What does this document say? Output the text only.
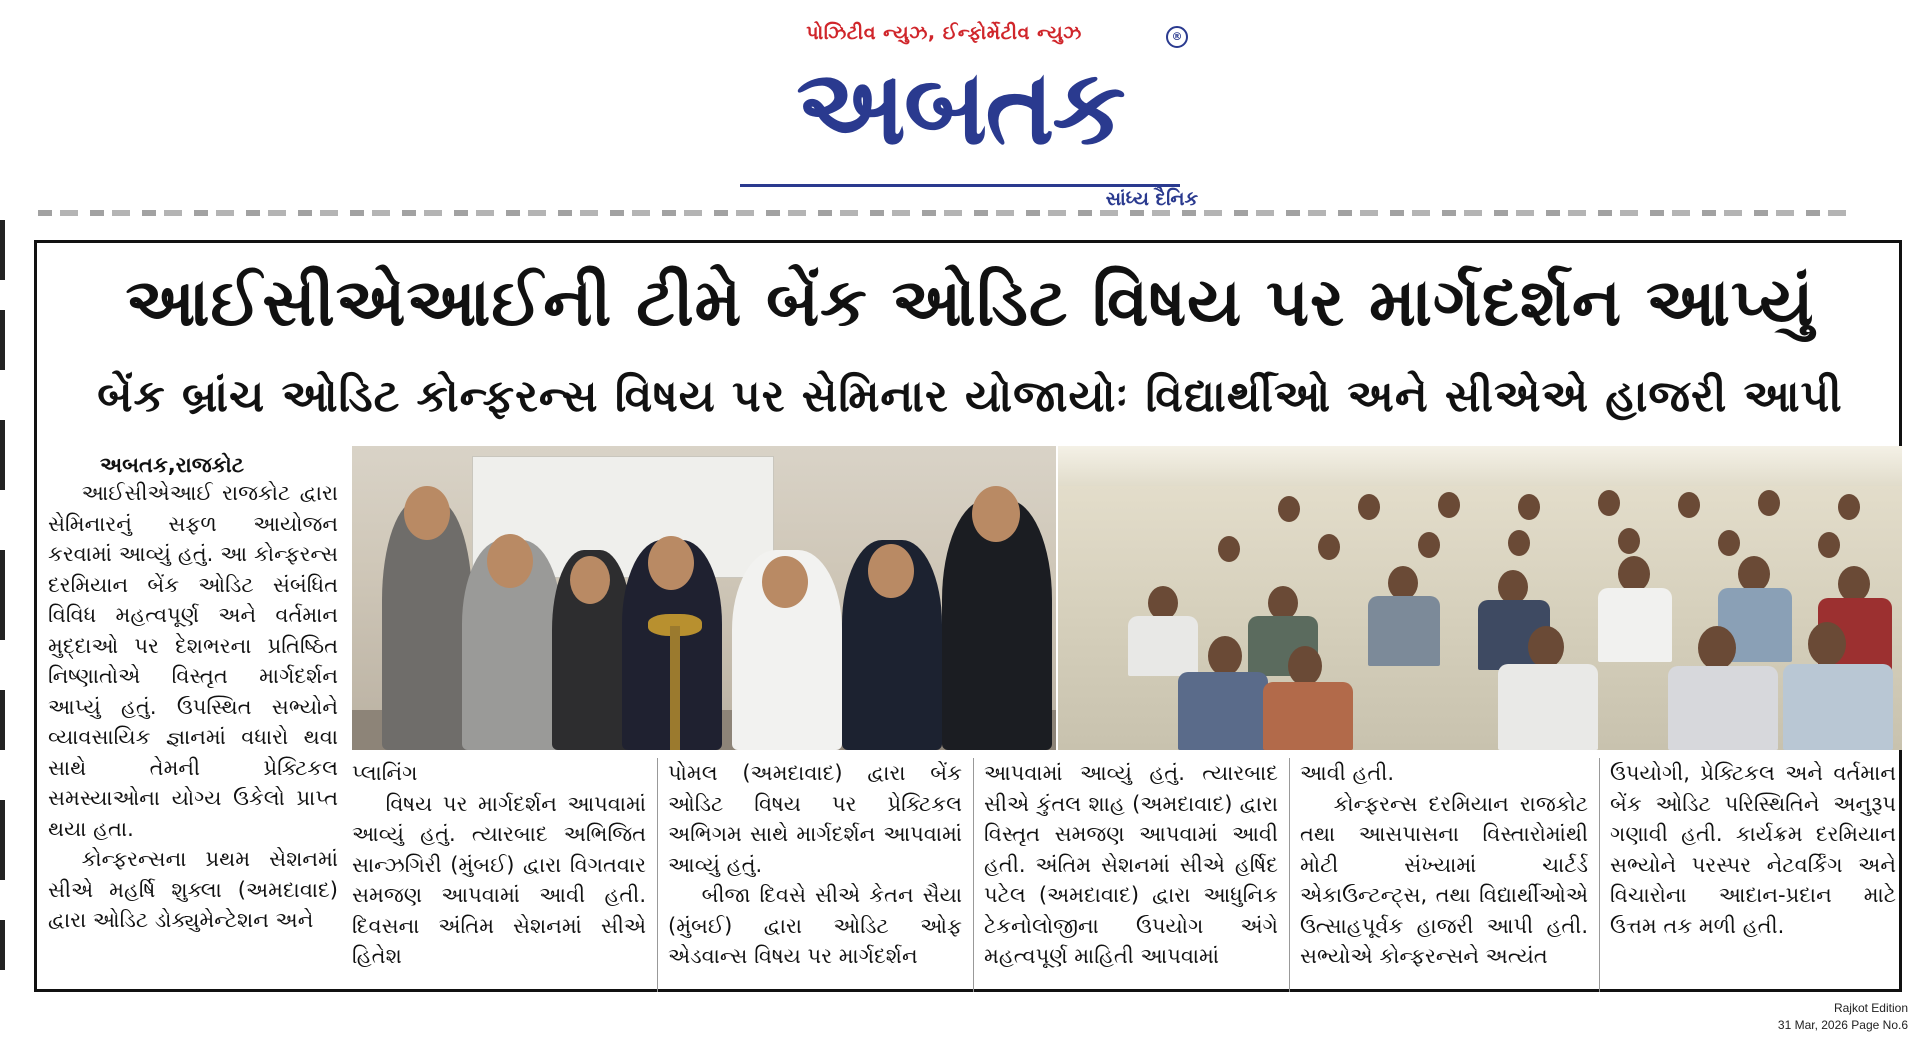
પોઝિટીવ ન્યુઝ, ઈન્ફોર્મેટીવ ન્યુઝ	®
અબતક
સાંધ્ય દૈનિક
આઈસીએઆઈની ટીમે બેંક ઓડિટ વિષય પર માર્ગદર્શન આપ્યું
બેંક બ્રાંચ ઓડિટ કોન્ફરન્સ વિષય પર સેમિનાર યોજાયોઃ વિદ્યાર્થીઓ અને સીએએ હાજરી આપી
અબતક,રાજકોટ

આઈસીએઆઈ રાજકોટ દ્વારા સેમિનારનું સફળ આયોજન કરવામાં આવ્યું હતું. આ કોન્ફરન્સ દરમિયાન બેંક ઓડિટ સંબંધિત વિવિધ મહત્વપૂર્ણ અને વર્તમાન મુદ્દાઓ પર દેશભરના પ્રતિષ્ઠિત નિષ્ણાતોએ વિસ્તૃત માર્ગદર્શન આપ્યું હતું. ઉપસ્થિત સભ્યોને વ્યાવસાયિક જ્ઞાનમાં વધારો થવા સાથે તેમની પ્રેક્ટિકલ સમસ્યાઓના યોગ્ય ઉકેલો પ્રાપ્ત થયા હતા.

કોન્ફરન્સના પ્રથમ સેશનમાં સીએ મહર્ષિ શુક્લા (અમદાવાદ) દ્વારા ઓડિટ ડોક્યુમેન્ટેશન અને

પ્લાનિંગ

વિષય પર માર્ગદર્શન આપવામાં આવ્યું હતું. ત્યારબાદ અભિજિત સાન્ઝગિરી (મુંબઈ) દ્વારા વિગતવાર સમજણ આપવામાં આવી હતી. દિવસના અંતિમ સેશનમાં સીએ હિતેશ

પોમલ (અમદાવાદ) દ્વારા બેંક ઓડિટ વિષય પર પ્રેક્ટિકલ અભિગમ સાથે માર્ગદર્શન આપવામાં આવ્યું હતું.

બીજા દિવસે સીએ કેતન સૈયા (મુંબઈ) દ્વારા ઓડિટ ઓફ એડવાન્સ વિષય પર માર્ગદર્શન

આપવામાં આવ્યું હતું. ત્યારબાદ સીએ કુંતલ શાહ (અમદાવાદ) દ્વારા વિસ્તૃત સમજણ આપવામાં આવી હતી. અંતિમ સેશનમાં સીએ હર્ષિદ પટેલ (અમદાવાદ) દ્વારા આધુનિક ટેકનોલોજીના ઉપયોગ અંગે મહત્વપૂર્ણ માહિતી આપવામાં

આવી હતી.

કોન્ફરન્સ દરમિયાન રાજકોટ તથા આસપાસના વિસ્તારોમાંથી મોટી સંખ્યામાં ચાર્ટર્ડ એકાઉન્ટન્ટ્સ, તથા વિદ્યાર્થીઓએ ઉત્સાહપૂર્વક હાજરી આપી હતી. સભ્યોએ કોન્ફરન્સને અત્યંત

ઉપયોગી, પ્રેક્ટિકલ અને વર્તમાન બેંક ઓડિટ પરિસ્થિતિને અનુરૂપ ગણાવી હતી. કાર્યક્રમ દરમિયાન સભ્યોને પરસ્પર નેટવર્કિંગ અને વિચારોના આદાન-પ્રદાન માટે ઉત્તમ તક મળી હતી.

Rajkot Edition
31 Mar, 2026 Page No.6
